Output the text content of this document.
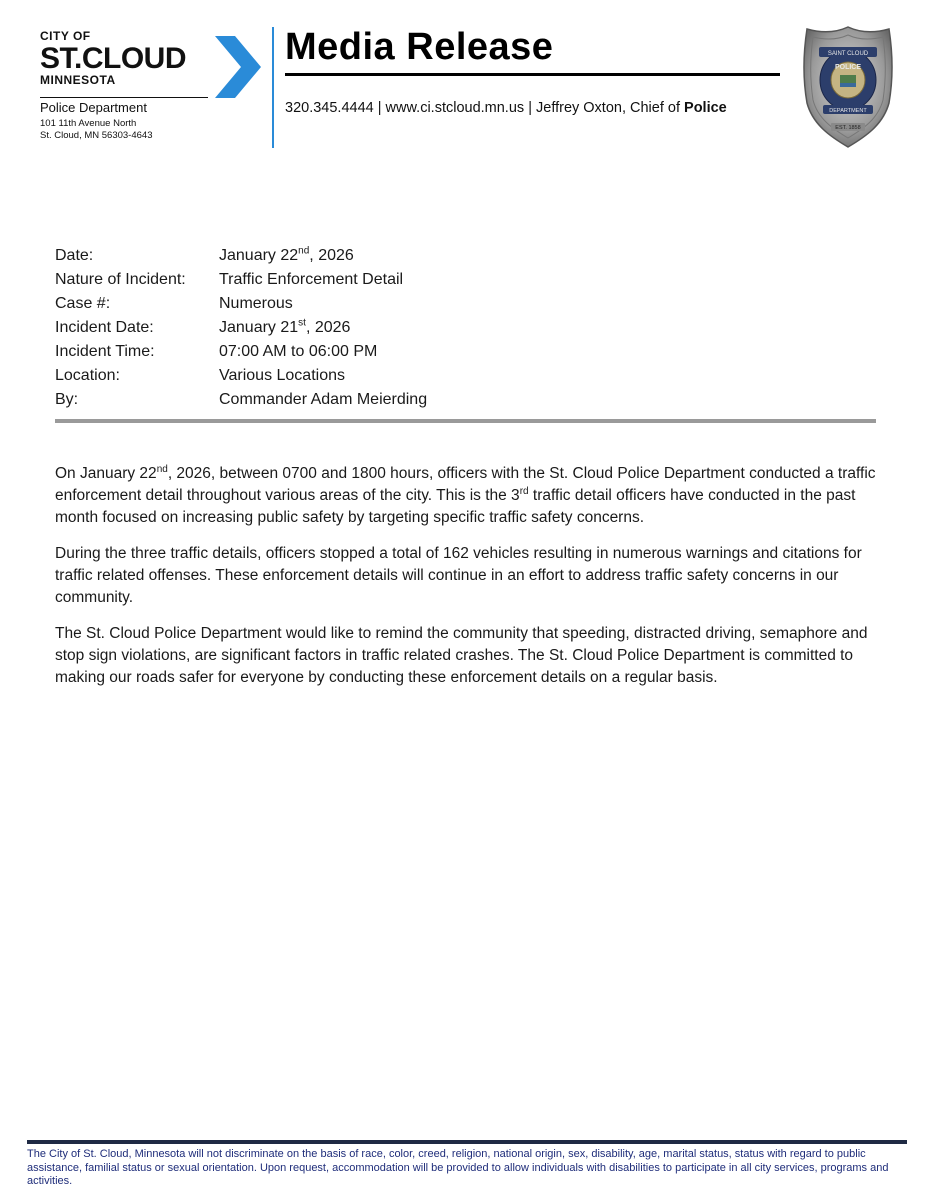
CITY OF
ST.CLOUD
MINNESOTA
Police Department
101 11th Avenue North
St. Cloud, MN 56303-4643
Media Release
320.345.4444 | www.ci.stcloud.mn.us | Jeffrey Oxton, Chief of Police
SAINT CLOUD
POLICE
DEPARTMENT
EST. 1858
Date:	January 22nd, 2026
Nature of Incident:	Traffic Enforcement Detail
Case #:	Numerous
Incident Date:	January 21st, 2026
Incident Time:	07:00 AM to 06:00 PM
Location:	Various Locations
By:	Commander Adam Meierding

On January 22nd, 2026, between 0700 and 1800 hours, officers with the St. Cloud Police Department conducted a traffic enforcement detail throughout various areas of the city. This is the 3rd traffic detail officers have conducted in the past month focused on increasing public safety by targeting specific traffic safety concerns.

During the three traffic details, officers stopped a total of 162 vehicles resulting in numerous warnings and citations for traffic related offenses. These enforcement details will continue in an effort to address traffic safety concerns in our community.

The St. Cloud Police Department would like to remind the community that speeding, distracted driving, semaphore and stop sign violations, are significant factors in traffic related crashes. The St. Cloud Police Department is committed to making our roads safer for everyone by conducting these enforcement details on a regular basis.

The City of St. Cloud, Minnesota will not discriminate on the basis of race, color, creed, religion, national origin, sex, disability, age, marital status, status with regard to public assistance, familial status or sexual orientation. Upon request, accommodation will be provided to allow individuals with disabilities to participate in all city services, programs and activities.
